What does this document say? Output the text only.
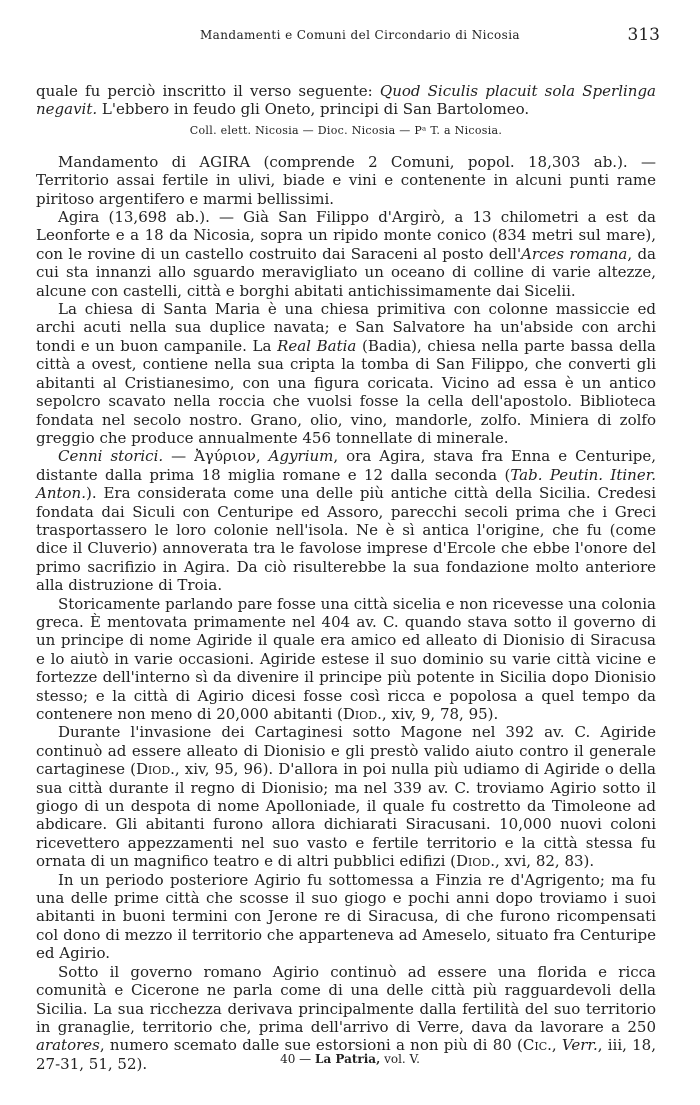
Mandamenti e Comuni del Circondario di Nicosia	313

quale fu perciò inscritto il verso seguente: Quod Siculis placuit sola Sperlinga negavit. L'ebbero in feudo gli Oneto, principi di San Bartolomeo.

Coll. elett. Nicosia — Dioc. Nicosia — Pᵃ T. a Nicosia.

Mandamento di AGIRA (comprende 2 Comuni, popol. 18,303 ab.). — Territorio assai fertile in ulivi, biade e vini e contenente in alcuni punti rame piritoso argentifero e marmi bellissimi.

Agira (13,698 ab.). — Già San Filippo d'Argirò, a 13 chilometri a est da Leonforte e a 18 da Nicosia, sopra un ripido monte conico (834 metri sul mare), con le rovine di un castello costruito dai Saraceni al posto dell'Arces romana, da cui sta innanzi allo sguardo meravigliato un oceano di colline di varie altezze, alcune con castelli, città e borghi abitati antichissimamente dai Sicelii.

La chiesa di Santa Maria è una chiesa primitiva con colonne massiccie ed archi acuti nella sua duplice navata; e San Salvatore ha un'abside con archi tondi e un buon campanile. La Real Batia (Badia), chiesa nella parte bassa della città a ovest, contiene nella sua cripta la tomba di San Filippo, che converti gli abitanti al Cristianesimo, con una figura coricata. Vicino ad essa è un antico sepolcro scavato nella roccia che vuolsi fosse la cella dell'apostolo. Biblioteca fondata nel secolo nostro. Grano, olio, vino, mandorle, zolfo. Miniera di zolfo greggio che produce annualmente 456 tonnellate di minerale.

Cenni storici. — Ἀγύριον, Agyrium, ora Agira, stava fra Enna e Centuripe, distante dalla prima 18 miglia romane e 12 dalla seconda (Tab. Peutin. Itiner. Anton.). Era considerata come una delle più antiche città della Sicilia. Credesi fondata dai Siculi con Centuripe ed Assoro, parecchi secoli prima che i Greci trasportassero le loro colonie nell'isola. Ne è sì antica l'origine, che fu (come dice il Cluverio) annoverata tra le favolose imprese d'Ercole che ebbe l'onore del primo sacrifizio in Agira. Da ciò risulterebbe la sua fondazione molto anteriore alla distruzione di Troia.

Storicamente parlando pare fosse una città sicelia e non ricevesse una colonia greca. È mentovata primamente nel 404 av. C. quando stava sotto il governo di un principe di nome Agiride il quale era amico ed alleato di Dionisio di Siracusa e lo aiutò in varie occasioni. Agiride estese il suo dominio su varie città vicine e fortezze dell'interno sì da divenire il principe più potente in Sicilia dopo Dionisio stesso; e la città di Agirio dicesi fosse così ricca e popolosa a quel tempo da contenere non meno di 20,000 abitanti (Diod., xiv, 9, 78, 95).

Durante l'invasione dei Cartaginesi sotto Magone nel 392 av. C. Agiride continuò ad essere alleato di Dionisio e gli prestò valido aiuto contro il generale cartaginese (Diod., xiv, 95, 96). D'allora in poi nulla più udiamo di Agiride o della sua città durante il regno di Dionisio; ma nel 339 av. C. troviamo Agirio sotto il giogo di un despota di nome Apolloniade, il quale fu costretto da Timoleone ad abdicare. Gli abitanti furono allora dichiarati Siracusani. 10,000 nuovi coloni ricevettero appezzamenti nel suo vasto e fertile territorio e la città stessa fu ornata di un magnifico teatro e di altri pubblici edifizi (Diod., xvi, 82, 83).

In un periodo posteriore Agirio fu sottomessa a Finzia re d'Agrigento; ma fu una delle prime città che scosse il suo giogo e pochi anni dopo troviamo i suoi abitanti in buoni termini con Jerone re di Siracusa, di che furono ricompensati col dono di mezzo il territorio che apparteneva ad Ameselo, situato fra Centuripe ed Agirio.

Sotto il governo romano Agirio continuò ad essere una florida e ricca comunità e Cicerone ne parla come di una delle città più ragguardevoli della Sicilia. La sua ricchezza derivava principalmente dalla fertilità del suo territorio in granaglie, territorio che, prima dell'arrivo di Verre, dava da lavorare a 250 aratores, numero scemato dalle sue estorsioni a non più di 80 (Cic., Verr., iii, 18, 27-31, 51, 52).	40 — La Patria, vol. V.
